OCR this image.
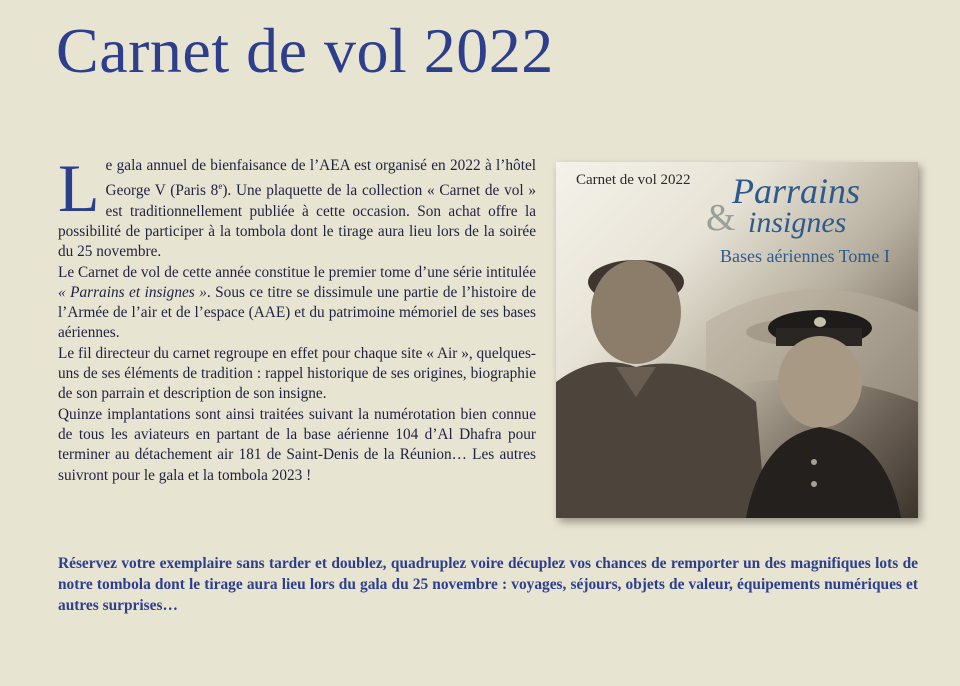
Carnet de vol 2022

Le gala annuel de bienfaisance de l’AEA est organisé en 2022 à l’hôtel George V (Paris 8e). Une plaquette de la collection « Carnet de vol » est traditionnellement publiée à cette occasion. Son achat offre la possibilité de participer à la tombola dont le tirage aura lieu lors de la soirée du 25 novembre.

Le Carnet de vol de cette année constitue le premier tome d’une série intitulée « Parrains et insignes ». Sous ce titre se dissimule une partie de l’histoire de l’Armée de l’air et de l’espace (AAE) et du patrimoine mémoriel de ses bases aériennes.

Le fil directeur du carnet regroupe en effet pour chaque site « Air », quelques-uns de ses éléments de tradition : rappel historique de ses origines, biographie de son parrain et description de son insigne.

Quinze implantations sont ainsi traitées suivant la numérotation bien connue de tous les aviateurs en partant de la base aérienne 104 d’Al Dhafra pour terminer au détachement air 181 de Saint-Denis de la Réunion… Les autres suivront pour le gala et la tombola 2023 !

Carnet de vol 2022 Parrains
& insignes
Bases aériennes Tome I

Réservez votre exemplaire sans tarder et doublez, quadruplez voire décuplez vos chances de remporter un des magnifiques lots de notre tombola dont le tirage aura lieu lors du gala du 25 novembre : voyages, séjours, objets de valeur, équipements numériques et autres surprises…
